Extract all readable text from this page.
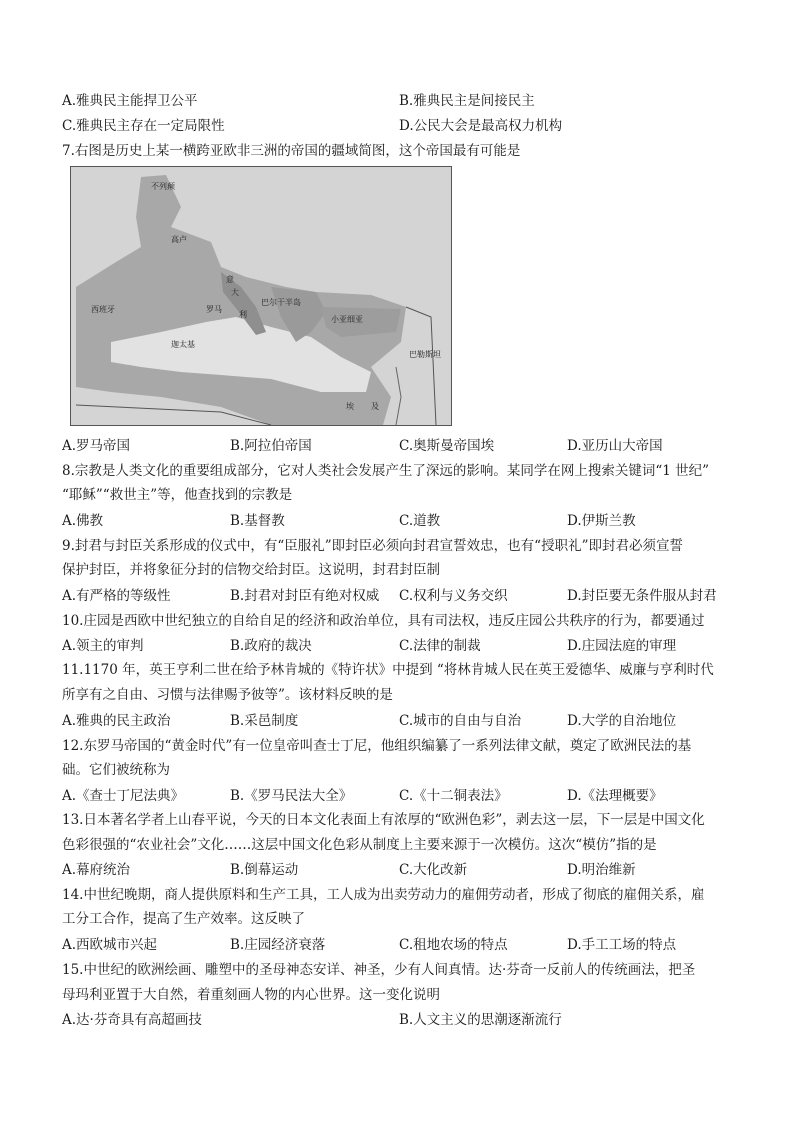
A.雅典民主能捍卫公平	B.雅典民主是间接民主
C.雅典民主存在一定局限性	D.公民大会是最高权力机构
7.右图是历史上某一横跨亚欧非三洲的帝国的疆域简图，这个帝国最有可能是
不列颠
高卢
意
大
罗马
利
西班牙
巴尔干半岛
小亚细亚
迦太基
巴勒斯坦
埃 及
A.罗马帝国	B.阿拉伯帝国	C.奥斯曼帝国埃	D.亚历山大帝国
8.宗教是人类文化的重要组成部分，它对人类社会发展产生了深远的影响。某同学在网上搜索关键词“1 世纪”
“耶稣”“救世主”等，他查找到的宗教是
A.佛教	B.基督教	C.道教	D.伊斯兰教
9.封君与封臣关系形成的仪式中，有“臣服礼”即封臣必须向封君宣誓效忠，也有“授职礼”即封君必须宣誓
保护封臣，并将象征分封的信物交给封臣。这说明，封君封臣制
A.有严格的等级性	B.封君对封臣有绝对权威 C.权利与义务交织	D.封臣要无条件服从封君
10.庄园是西欧中世纪独立的自给自足的经济和政治单位，具有司法权，违反庄园公共秩序的行为，都要通过
A.领主的审判	B.政府的裁决	C.法律的制裁	D.庄园法庭的审理
11.1170 年，英王亨利二世在给予林肯城的《特许状》中提到 “将林肯城人民在英王爱德华、威廉与亨利时代
所享有之自由、习惯与法律赐予彼等”。该材料反映的是
A.雅典的民主政治	B.采邑制度	C.城市的自由与自治	D.大学的自治地位
12.东罗马帝国的“黄金时代”有一位皇帝叫查士丁尼，他组织编纂了一系列法律文献，奠定了欧洲民法的基
础。它们被统称为
A.《查士丁尼法典》	B.《罗马民法大全》	C.《十二铜表法》	D.《法理概要》
13.日本著名学者上山春平说，今天的日本文化表面上有浓厚的“欧洲色彩”，剥去这一层，下一层是中国文化
色彩很强的“农业社会”文化……这层中国文化色彩从制度上主要来源于一次模仿。这次“模仿”指的是
A.幕府统治	B.倒幕运动	C.大化改新	D.明治维新
14.中世纪晚期，商人提供原料和生产工具，工人成为出卖劳动力的雇佣劳动者，形成了彻底的雇佣关系，雇
工分工合作，提高了生产效率。这反映了
A.西欧城市兴起	B.庄园经济衰落	C.租地农场的特点	D.手工工场的特点
15.中世纪的欧洲绘画、雕塑中的圣母神态安详、神圣，少有人间真情。达·芬奇一反前人的传统画法，把圣
母玛利亚置于大自然，着重刻画人物的内心世界。这一变化说明
A.达·芬奇具有高超画技	B.人文主义的思潮逐渐流行
